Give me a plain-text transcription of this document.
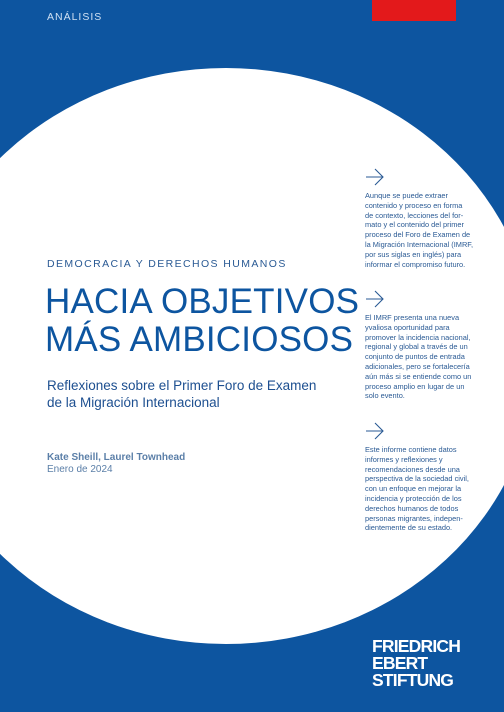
ANÁLISIS
DEMOCRACIA Y DERECHOS HUMANOS
HACIA OBJETIVOS
MÁS AMBICIOSOS
Reflexiones sobre el Primer Foro de Examen
de la Migración Internacional
Kate Sheill, Laurel Townhead
Enero de 2024
Aunque se puede extraer
contenido y proceso en forma
de contexto, lecciones del for-
mato y el contenido del primer
proceso del Foro de Examen de
la Migración Internacional (IMRF,
por sus siglas en inglés) para
informar el compromiso futuro.
El IMRF presenta una nueva
yvaliosa oportunidad para
promover la incidencia nacional,
regional y global a través de un
conjunto de puntos de entrada
adicionales, pero se fortalecería
aún más si se entiende como un
proceso amplio en lugar de un
solo evento.
Este informe contiene datos
informes y reflexiones y
recomendaciones desde una
perspectiva de la sociedad civil,
con un enfoque en mejorar la
incidencia y protección de los
derechos humanos de todos
personas migrantes, indepen-
dientemente de su estado.
FRIEDRICH
EBERT
STIFTUNG
